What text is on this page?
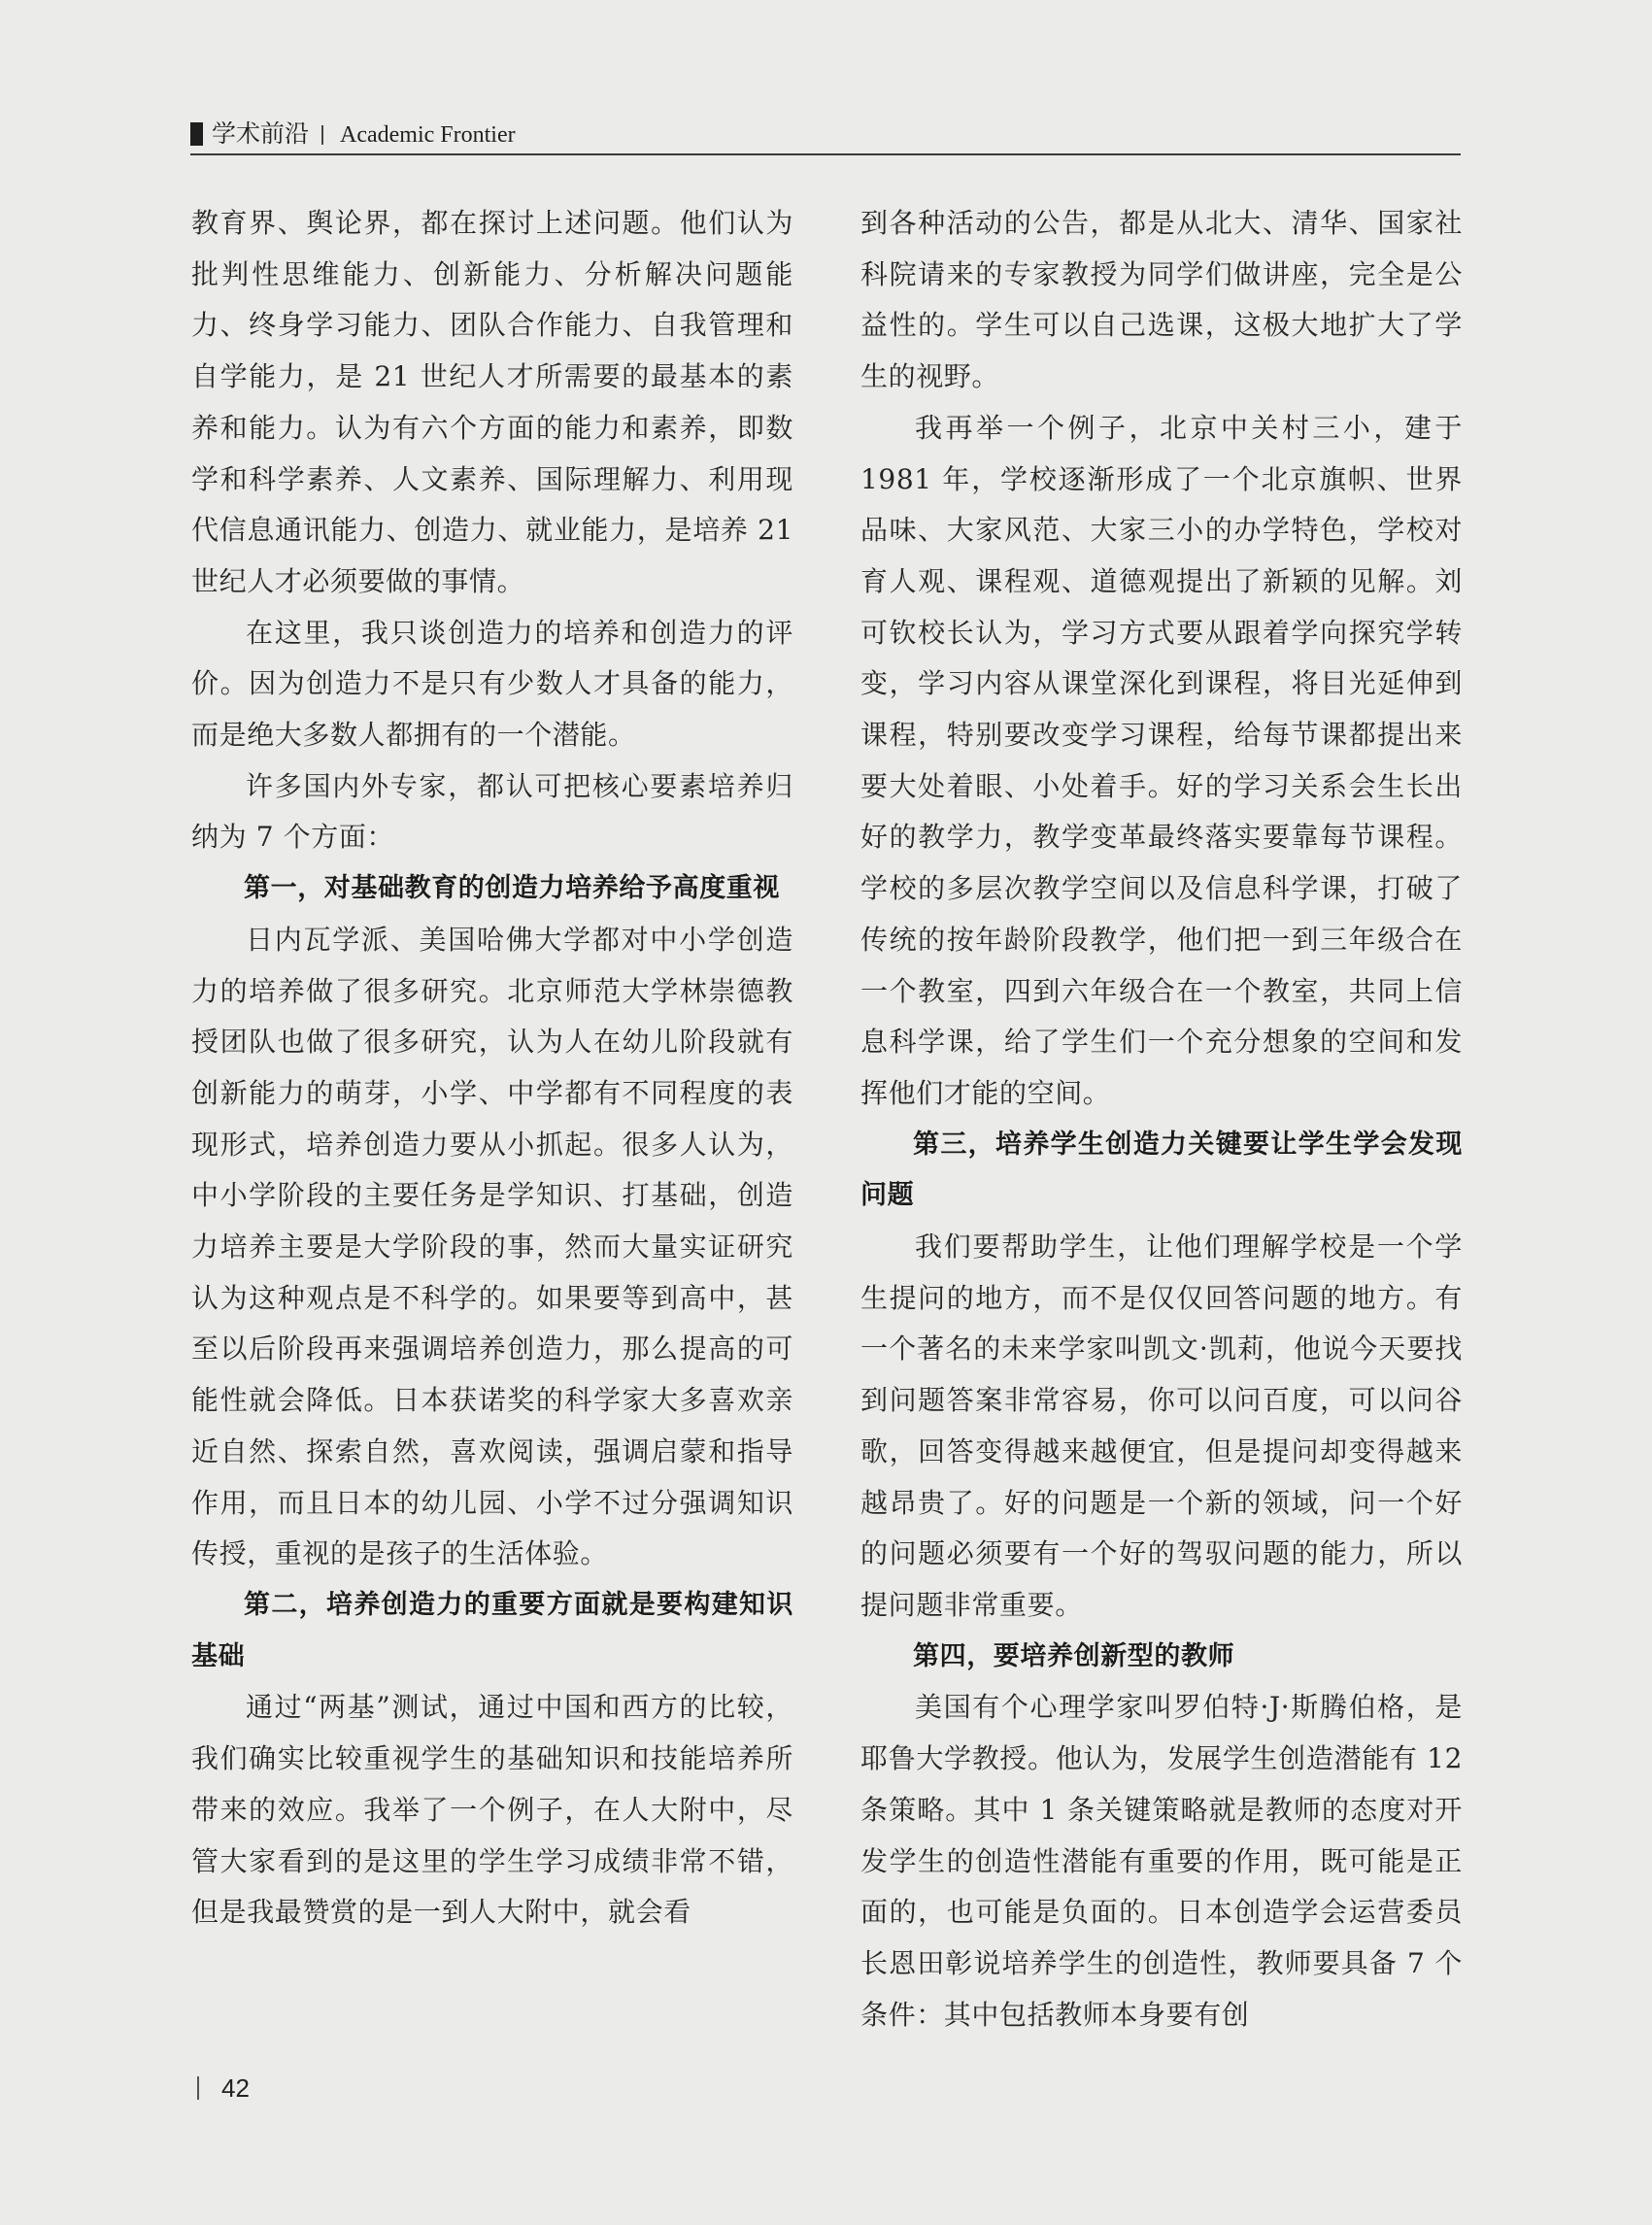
学术前沿 Academic Frontier

教育界、舆论界，都在探讨上述问题。他们认为批判性思维能力、创新能力、分析解决问题能力、终身学习能力、团队合作能力、自我管理和自学能力，是 21 世纪人才所需要的最基本的素养和能力。认为有六个方面的能力和素养，即数学和科学素养、人文素养、国际理解力、利用现代信息通讯能力、创造力、就业能力，是培养 21 世纪人才必须要做的事情。

在这里，我只谈创造力的培养和创造力的评价。因为创造力不是只有少数人才具备的能力，而是绝大多数人都拥有的一个潜能。

许多国内外专家，都认可把核心要素培养归纳为 7 个方面：

第一，对基础教育的创造力培养给予高度重视

日内瓦学派、美国哈佛大学都对中小学创造力的培养做了很多研究。北京师范大学林崇德教授团队也做了很多研究，认为人在幼儿阶段就有创新能力的萌芽，小学、中学都有不同程度的表现形式，培养创造力要从小抓起。很多人认为，中小学阶段的主要任务是学知识、打基础，创造力培养主要是大学阶段的事，然而大量实证研究认为这种观点是不科学的。如果要等到高中，甚至以后阶段再来强调培养创造力，那么提高的可能性就会降低。日本获诺奖的科学家大多喜欢亲近自然、探索自然，喜欢阅读，强调启蒙和指导作用，而且日本的幼儿园、小学不过分强调知识传授，重视的是孩子的生活体验。

第二，培养创造力的重要方面就是要构建知识基础

通过“两基”测试，通过中国和西方的比较，我们确实比较重视学生的基础知识和技能培养所带来的效应。我举了一个例子，在人大附中，尽管大家看到的是这里的学生学习成绩非常不错，但是我最赞赏的是一到人大附中，就会看

到各种活动的公告，都是从北大、清华、国家社科院请来的专家教授为同学们做讲座，完全是公益性的。学生可以自己选课，这极大地扩大了学生的视野。

我再举一个例子，北京中关村三小，建于 1981 年，学校逐渐形成了一个北京旗帜、世界品味、大家风范、大家三小的办学特色，学校对育人观、课程观、道德观提出了新颖的见解。刘可钦校长认为，学习方式要从跟着学向探究学转变，学习内容从课堂深化到课程，将目光延伸到课程，特别要改变学习课程，给每节课都提出来要大处着眼、小处着手。好的学习关系会生长出好的教学力，教学变革最终落实要靠每节课程。学校的多层次教学空间以及信息科学课，打破了传统的按年龄阶段教学，他们把一到三年级合在一个教室，四到六年级合在一个教室，共同上信息科学课，给了学生们一个充分想象的空间和发挥他们才能的空间。

第三，培养学生创造力关键要让学生学会发现问题

我们要帮助学生，让他们理解学校是一个学生提问的地方，而不是仅仅回答问题的地方。有一个著名的未来学家叫凯文·凯莉，他说今天要找到问题答案非常容易，你可以问百度，可以问谷歌，回答变得越来越便宜，但是提问却变得越来越昂贵了。好的问题是一个新的领域，问一个好的问题必须要有一个好的驾驭问题的能力，所以提问题非常重要。

第四，要培养创新型的教师

美国有个心理学家叫罗伯特·J·斯腾伯格，是耶鲁大学教授。他认为，发展学生创造潜能有 12 条策略。其中 1 条关键策略就是教师的态度对开发学生的创造性潜能有重要的作用，既可能是正面的，也可能是负面的。日本创造学会运营委员长恩田彰说培养学生的创造性，教师要具备 7 个条件：其中包括教师本身要有创

42
